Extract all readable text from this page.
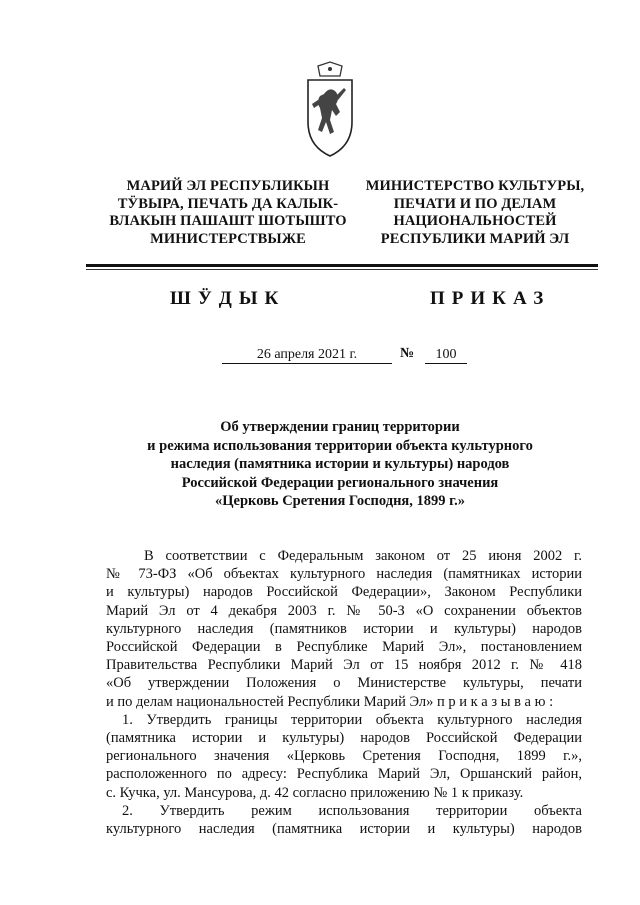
МАРИЙ ЭЛ РЕСПУБЛИКЫН
ТӰВЫРА, ПЕЧАТЬ ДА КАЛЫК-
ВЛАКЫН ПАШАШТ ШОТЫШТО
МИНИСТЕРСТВЫЖЕ
МИНИСТЕРСТВО КУЛЬТУРЫ,
ПЕЧАТИ И ПО ДЕЛАМ
НАЦИОНАЛЬНОСТЕЙ
РЕСПУБЛИКИ МАРИЙ ЭЛ
ШӰДЫК	ПРИКАЗ
26 апреля 2021 г.	№	100
Об утверждении границ территории
и режима использования территории объекта культурного
наследия (памятника истории и культуры) народов
Российской Федерации регионального значения
«Церковь Сретения Господня, 1899 г.»
В соответствии с Федеральным законом от 25 июня 2002 г.
№ 73-ФЗ «Об объектах культурного наследия (памятниках истории
и культуры) народов Российской Федерации», Законом Республики
Марий Эл от 4 декабря 2003 г. № 50-З «О сохранении объектов
культурного наследия (памятников истории и культуры) народов
Российской Федерации в Республике Марий Эл», постановлением
Правительства Республики Марий Эл от 15 ноября 2012 г. № 418
«Об утверждении Положения о Министерстве культуры, печати
и по делам национальностей Республики Марий Эл» п р и к а з ы в а ю :
1. Утвердить границы территории объекта культурного наследия
(памятника истории и культуры) народов Российской Федерации
регионального значения «Церковь Сретения Господня, 1899 г.»,
расположенного по адресу: Республика Марий Эл, Оршанский район,
с. Кучка, ул. Мансурова, д. 42 согласно приложению № 1 к приказу.
2. Утвердить режим использования территории объекта
культурного наследия (памятника истории и культуры) народов
